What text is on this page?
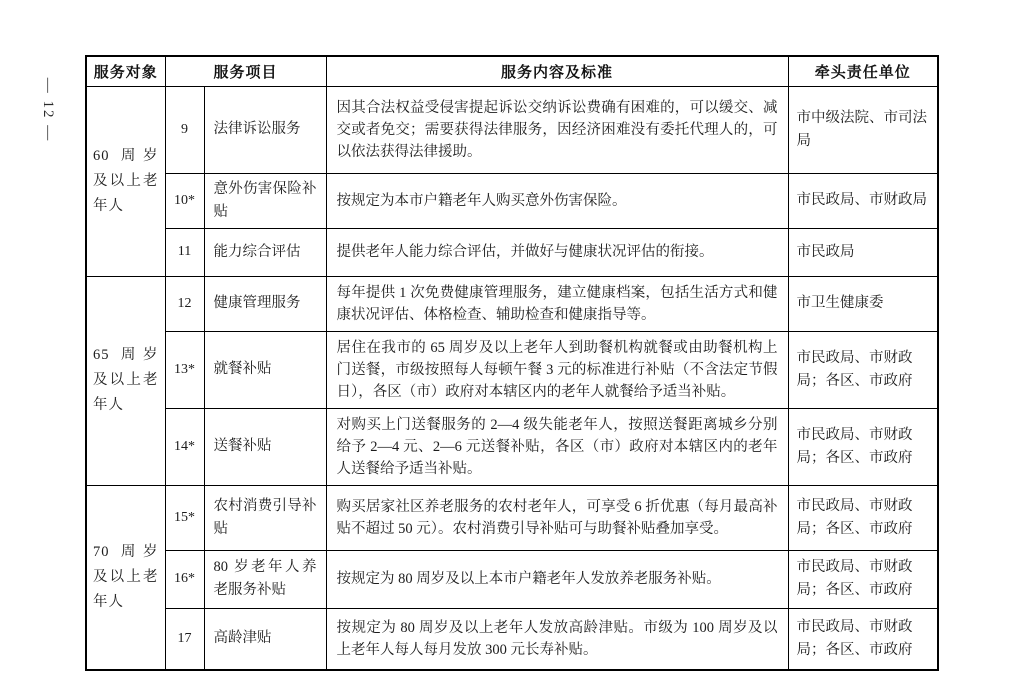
— 12 —
服务对象	服务项目		服务内容及标准	牵头责任单位
60 周岁及以上老年人	9	法律诉讼服务	因其合法权益受侵害提起诉讼交纳诉讼费确有困难的，可以缓交、减交或者免交；需要获得法律服务，因经济困难没有委托代理人的，可以依法获得法律援助。	市中级法院、市司法局
	10*	意外伤害保险补贴	按规定为本市户籍老年人购买意外伤害保险。	市民政局、市财政局
	11	能力综合评估	提供老年人能力综合评估，并做好与健康状况评估的衔接。	市民政局
65 周岁及以上老年人	12	健康管理服务	每年提供 1 次免费健康管理服务，建立健康档案，包括生活方式和健康状况评估、体格检查、辅助检查和健康指导等。	市卫生健康委
	13*	就餐补贴	居住在我市的 65 周岁及以上老年人到助餐机构就餐或由助餐机构上门送餐，市级按照每人每顿午餐 3 元的标准进行补贴（不含法定节假日），各区（市）政府对本辖区内的老年人就餐给予适当补贴。	市民政局、市财政局；各区、市政府
	14*	送餐补贴	对购买上门送餐服务的 2—4 级失能老年人，按照送餐距离城乡分别给予 2—4 元、2—6 元送餐补贴，各区（市）政府对本辖区内的老年人送餐给予适当补贴。	市民政局、市财政局；各区、市政府
70 周岁及以上老年人	15*	农村消费引导补贴	购买居家社区养老服务的农村老年人，可享受 6 折优惠（每月最高补贴不超过 50 元）。农村消费引导补贴可与助餐补贴叠加享受。	市民政局、市财政局；各区、市政府
	16*	80 岁老年人养老服务补贴	按规定为 80 周岁及以上本市户籍老年人发放养老服务补贴。	市民政局、市财政局；各区、市政府
	17	高龄津贴	按规定为 80 周岁及以上老年人发放高龄津贴。市级为 100 周岁及以上老年人每人每月发放 300 元长寿补贴。	市民政局、市财政局；各区、市政府
